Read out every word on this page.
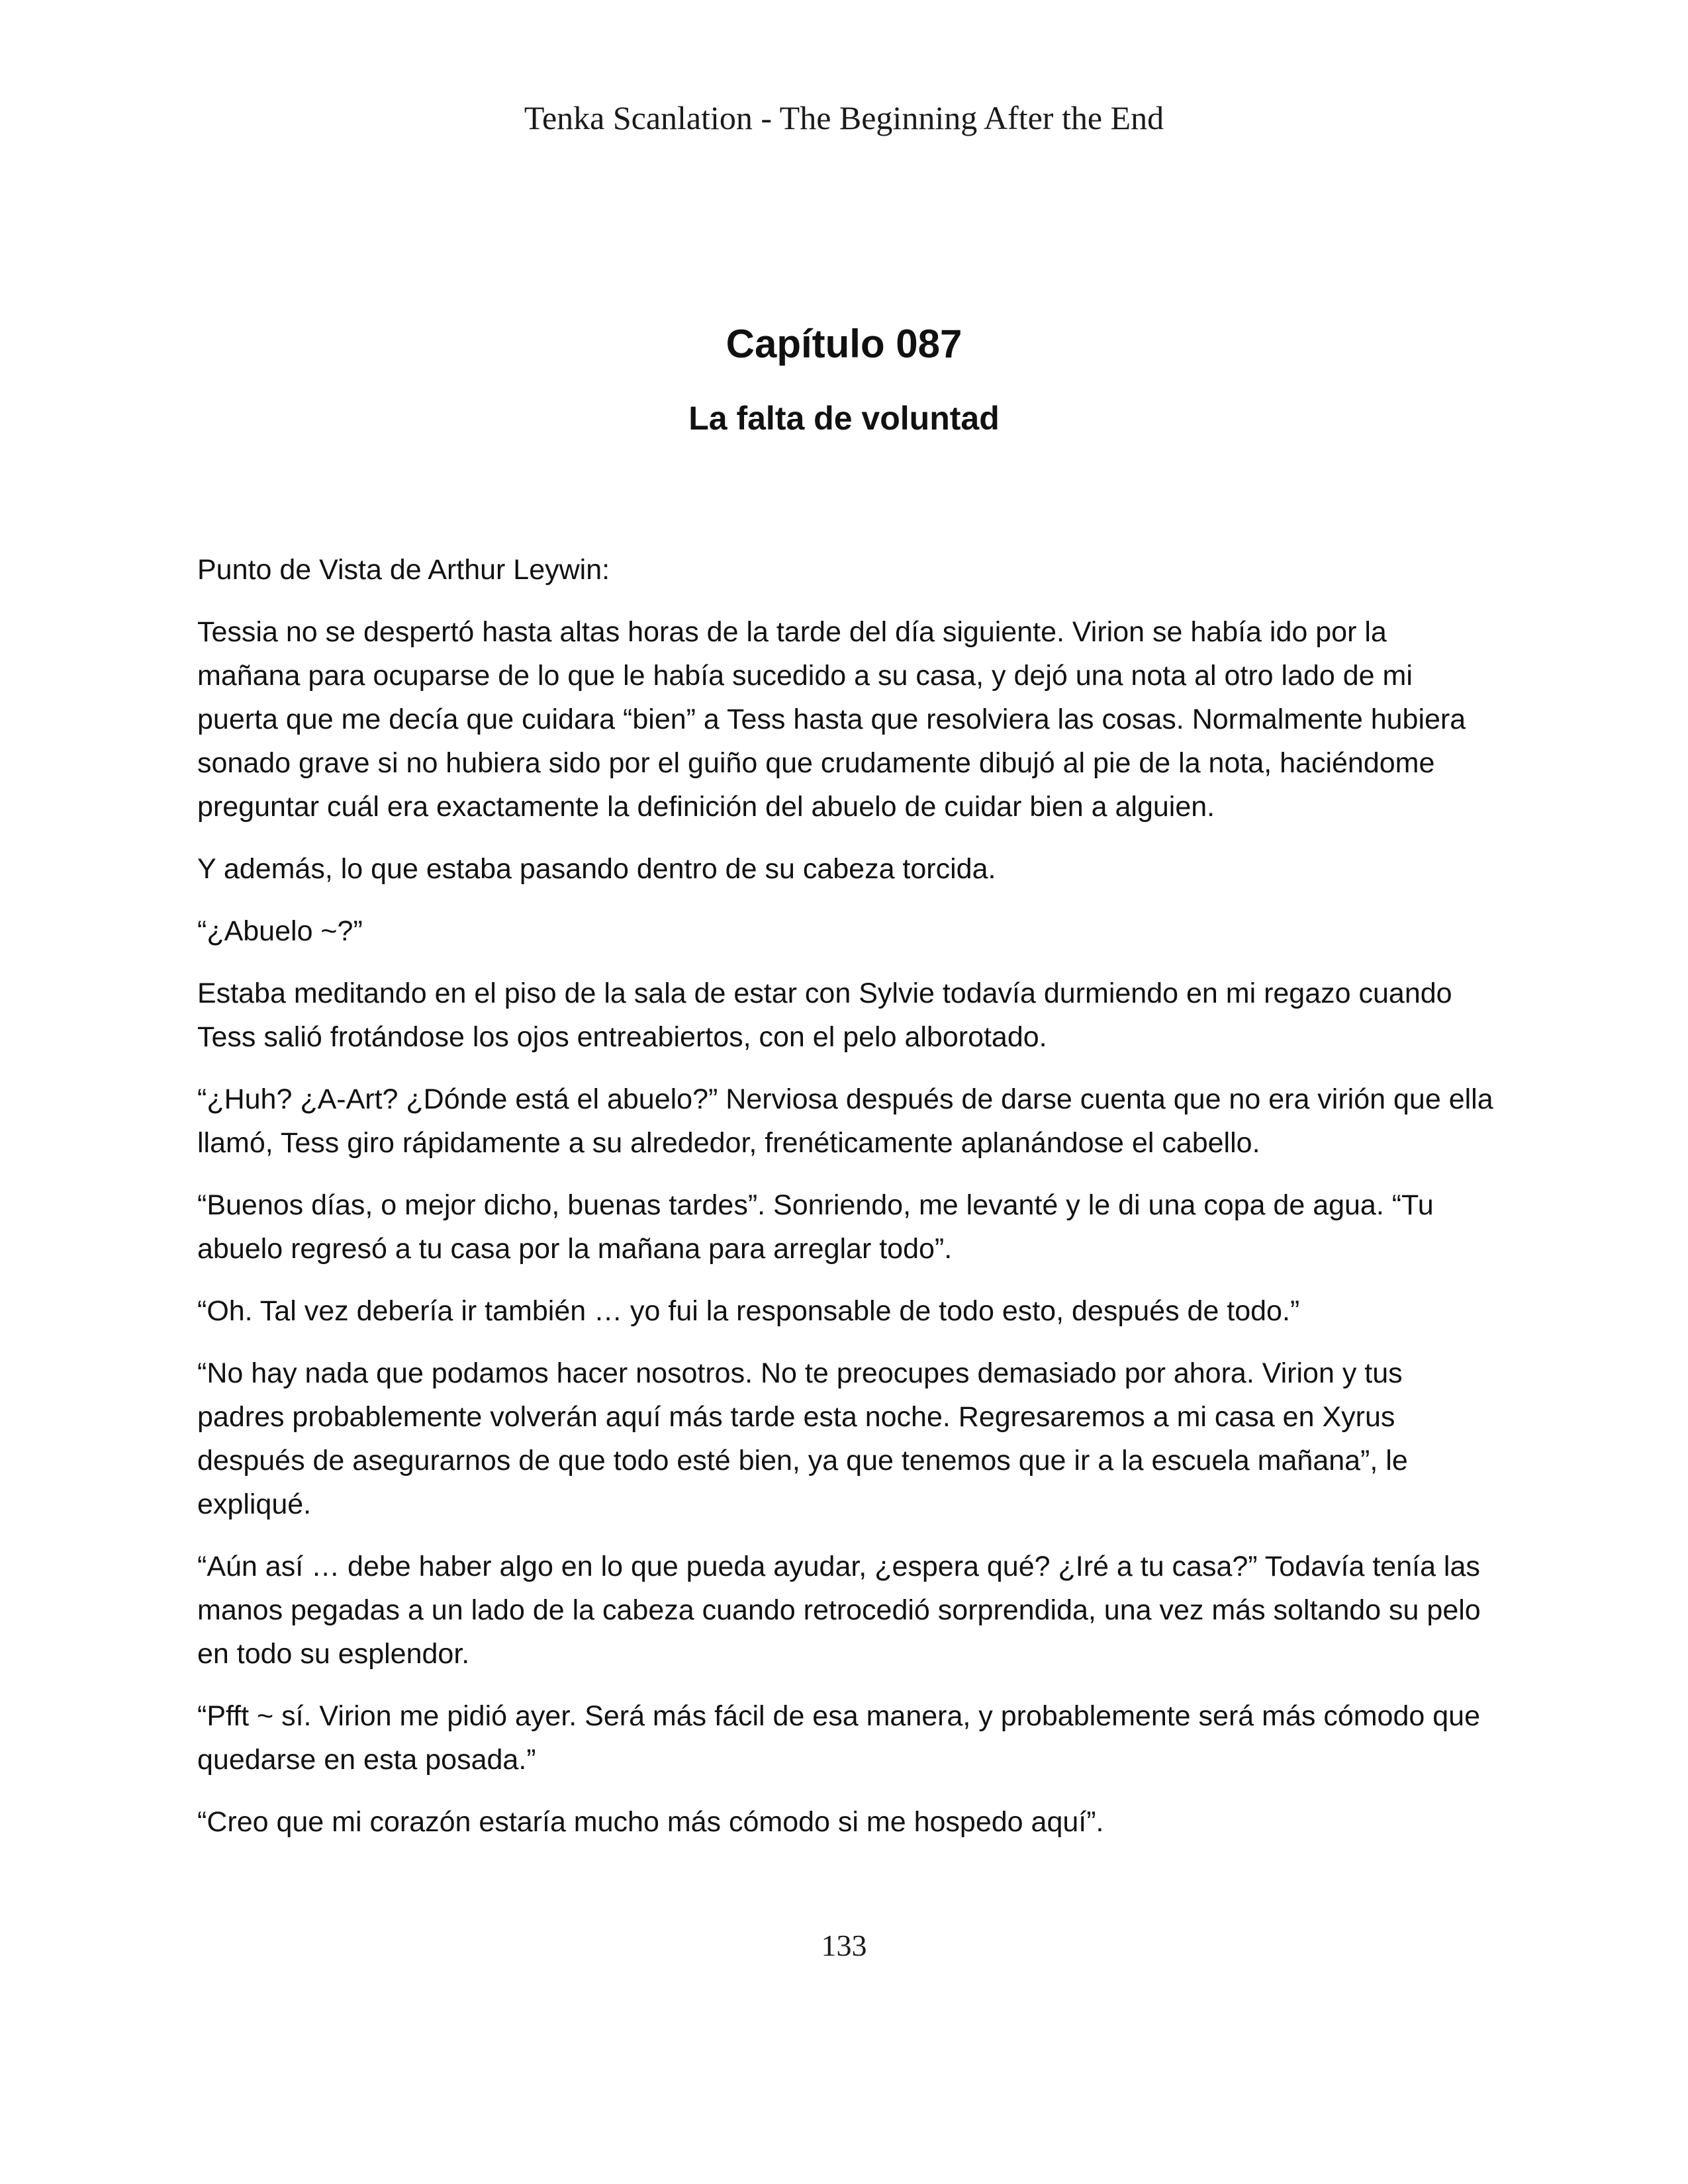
Tenka Scanlation - The Beginning After the End
Capítulo 087
La falta de voluntad

Punto de Vista de Arthur Leywin:

Tessia no se despertó hasta altas horas de la tarde del día siguiente. Virion se había ido por la mañana para ocuparse de lo que le había sucedido a su casa, y dejó una nota al otro lado de mi puerta que me decía que cuidara “bien” a Tess hasta que resolviera las cosas. Normalmente hubiera sonado grave si no hubiera sido por el guiño que crudamente dibujó al pie de la nota, haciéndome preguntar cuál era exactamente la definición del abuelo de cuidar bien a alguien.

Y además, lo que estaba pasando dentro de su cabeza torcida.

“¿Abuelo ~?”

Estaba meditando en el piso de la sala de estar con Sylvie todavía durmiendo en mi regazo cuando Tess salió frotándose los ojos entreabiertos, con el pelo alborotado.

“¿Huh? ¿A-Art? ¿Dónde está el abuelo?” Nerviosa después de darse cuenta que no era virión que ella llamó, Tess giro rápidamente a su alrededor, frenéticamente aplanándose el cabello.

“Buenos días, o mejor dicho, buenas tardes”. Sonriendo, me levanté y le di una copa de agua. “Tu abuelo regresó a tu casa por la mañana para arreglar todo”.

“Oh. Tal vez debería ir también … yo fui la responsable de todo esto, después de todo.”

“No hay nada que podamos hacer nosotros. No te preocupes demasiado por ahora. Virion y tus padres probablemente volverán aquí más tarde esta noche. Regresaremos a mi casa en Xyrus después de asegurarnos de que todo esté bien, ya que tenemos que ir a la escuela mañana”, le expliqué.

“Aún así … debe haber algo en lo que pueda ayudar, ¿espera qué? ¿Iré a tu casa?” Todavía tenía las manos pegadas a un lado de la cabeza cuando retrocedió sorprendida, una vez más soltando su pelo en todo su esplendor.

“Pfft ~ sí. Virion me pidió ayer. Será más fácil de esa manera, y probablemente será más cómodo que quedarse en esta posada.”

“Creo que mi corazón estaría mucho más cómodo si me hospedo aquí”.

133
